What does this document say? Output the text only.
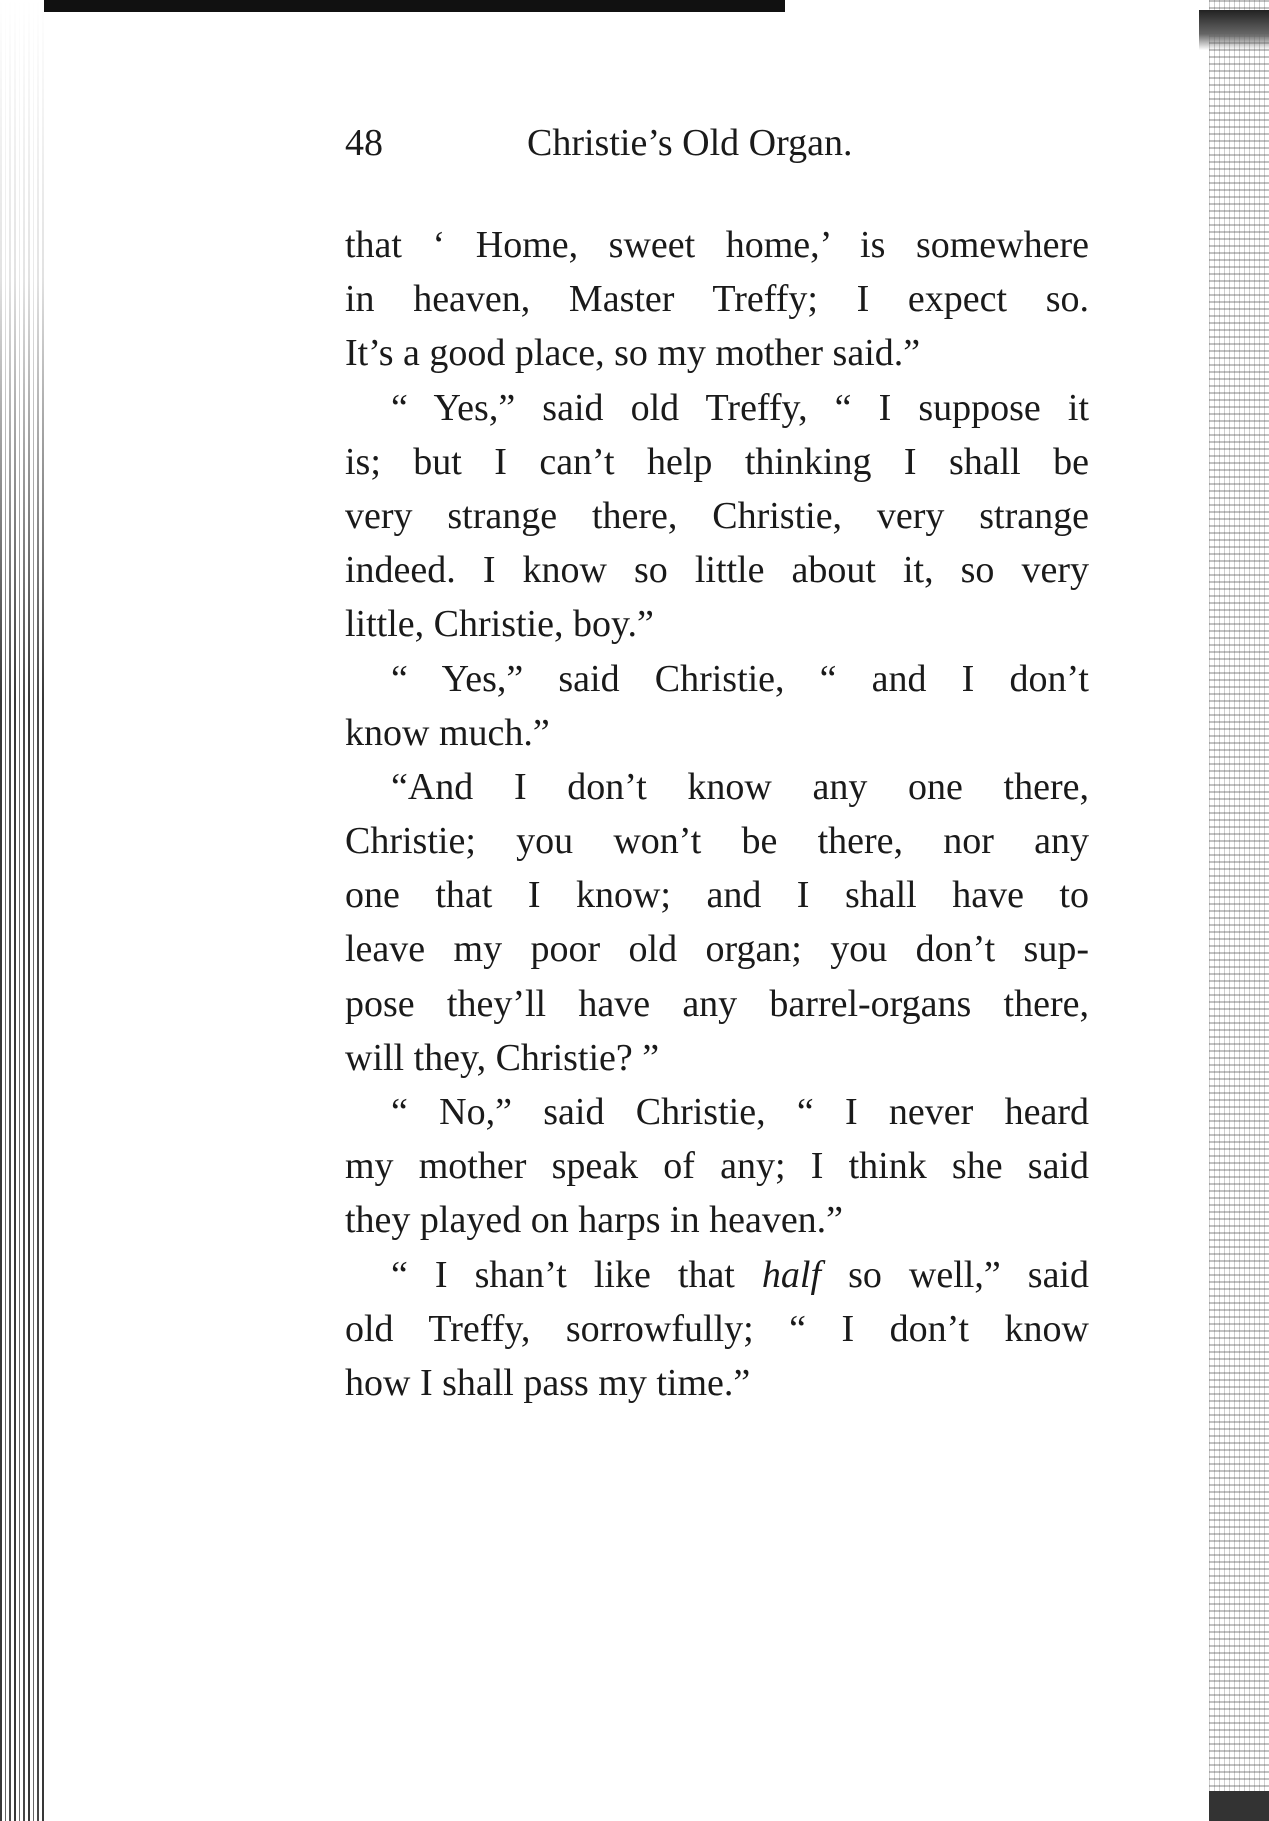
48	Christie’s Old Organ.
that ‘ Home, sweet home,’ is somewhere
in heaven, Master Treffy; I expect so.
It’s a good place, so my mother said.”
“ Yes,” said old Treffy, “ I suppose it
is; but I can’t help thinking I shall be
very strange there, Christie, very strange
indeed. I know so little about it, so very
little, Christie, boy.”
“ Yes,” said Christie, “ and I don’t
know much.”
“And I don’t know any one there,
Christie; you won’t be there, nor any
one that I know; and I shall have to
leave my poor old organ; you don’t sup-
pose they’ll have any barrel-organs there,
will they, Christie? ”
“ No,” said Christie, “ I never heard
my mother speak of any; I think she said
they played on harps in heaven.”
“ I shan’t like that half so well,” said
old Treffy, sorrowfully; “ I don’t know
how I shall pass my time.”
